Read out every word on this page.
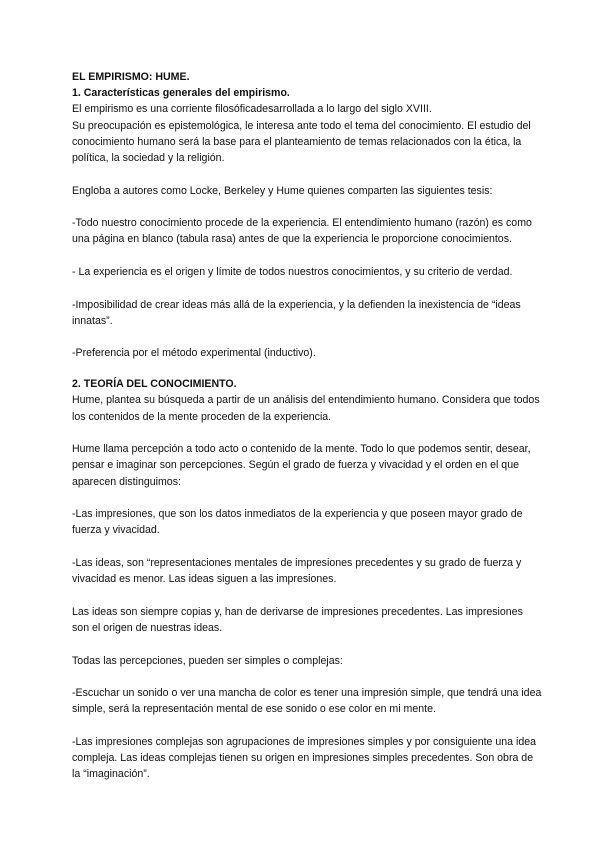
EL EMPIRISMO: HUME.

1. Características generales del empirismo.

El empirismo es una corriente filosóficadesarrollada a lo largo del siglo XVIII.

Su preocupación es epistemológica, le interesa ante todo el tema del conocimiento. El estudio del conocimiento humano será la base para el planteamiento de temas relacionados con la ética, la política, la sociedad y la religión.

Engloba a autores como Locke, Berkeley y Hume quienes comparten las siguientes tesis:

-Todo nuestro conocimiento procede de la experiencia. El entendimiento humano (razón) es como una página en blanco (tabula rasa) antes de que la experiencia le proporcione conocimientos.

- La experiencia es el origen y límite de todos nuestros conocimientos, y su criterio de verdad.

-Imposibilidad de crear ideas más allá de la experiencia, y la defienden la inexistencia de “ideas innatas”.

-Preferencia por el método experimental (inductivo).

2. TEORÍA DEL CONOCIMIENTO.

Hume, plantea su búsqueda a partir de un análisis del entendimiento humano. Considera que todos los contenidos de la mente proceden de la experiencia.

Hume llama percepción a todo acto o contenido de la mente. Todo lo que podemos sentir, desear, pensar e imaginar son percepciones. Según el grado de fuerza y vivacidad y el orden en el que aparecen distinguimos:

-Las impresiones, que son los datos inmediatos de la experiencia y que poseen mayor grado de fuerza y vivacidad.

-Las ideas, son “representaciones mentales de impresiones precedentes y su grado de fuerza y vivacidad es menor. Las ideas siguen a las impresiones.

Las ideas son siempre copias y, han de derivarse de impresiones precedentes. Las impresiones son el origen de nuestras ideas.

Todas las percepciones, pueden ser simples o complejas:

-Escuchar un sonido o ver una mancha de color es tener una impresión simple, que tendrá una idea simple, será la representación mental de ese sonido o ese color en mi mente.

-Las impresiones complejas son agrupaciones de impresiones simples y por consiguiente una idea compleja. Las ideas complejas tienen su origen en impresiones simples precedentes. Son obra de la “imaginación”.
